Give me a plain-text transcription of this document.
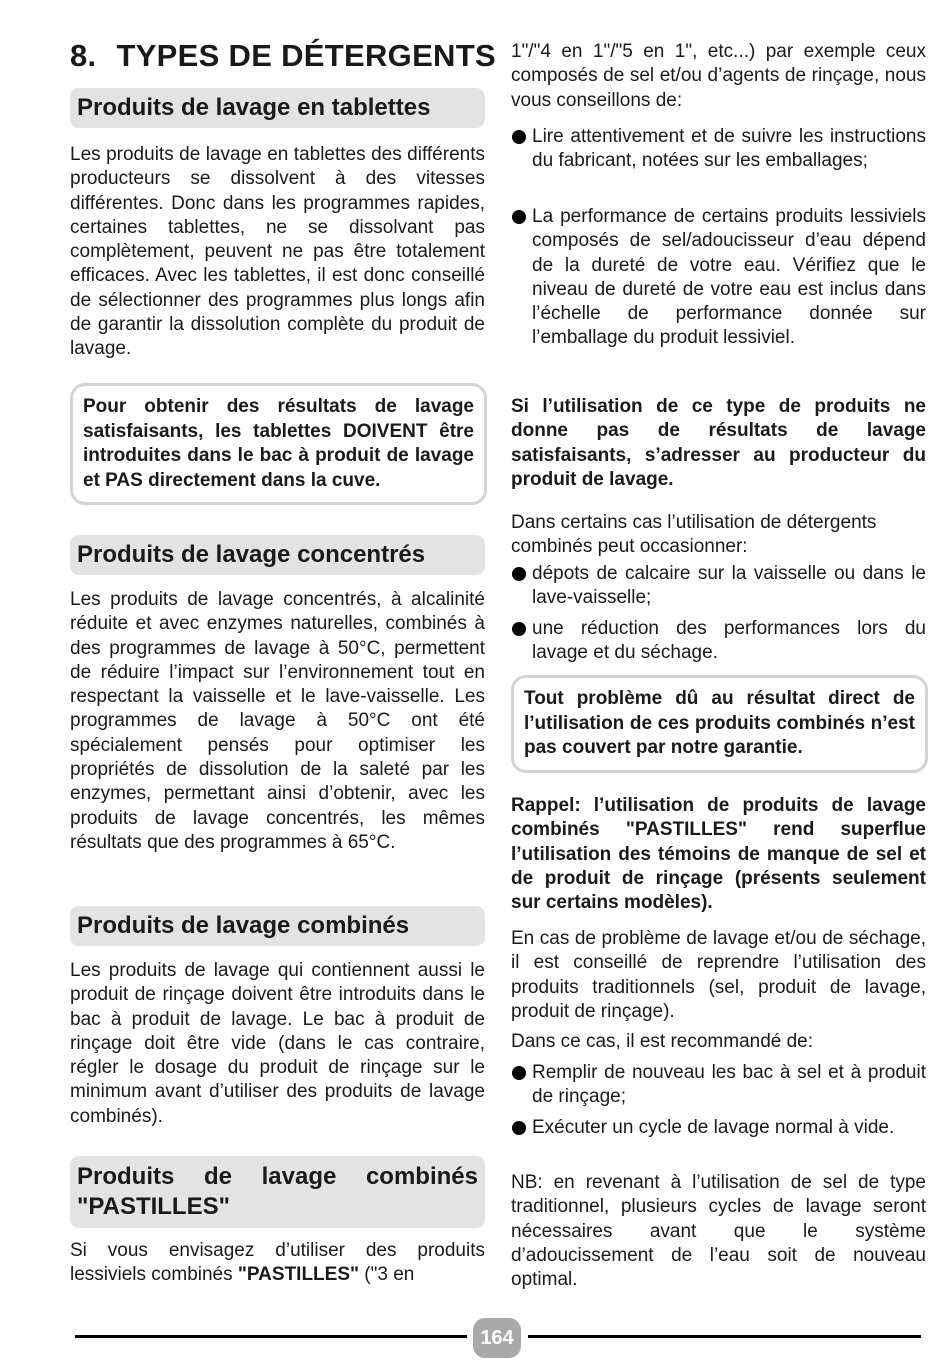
8. TYPES DE DÉTERGENTS
Produits de lavage en tablettes

Les produits de lavage en tablettes des différents producteurs se dissolvent à des vitesses différentes. Donc dans les programmes rapides, certaines tablettes, ne se dissolvant pas complètement, peuvent ne pas être totalement efficaces. Avec les tablettes, il est donc conseillé de sélectionner des programmes plus longs afin de garantir la dissolution complète du produit de lavage.

Pour obtenir des résultats de lavage satisfaisants, les tablettes DOIVENT être introduites dans le bac à produit de lavage et PAS directement dans la cuve.
Produits de lavage concentrés

Les produits de lavage concentrés, à alcalinité réduite et avec enzymes naturelles, combinés à des programmes de lavage à 50°C, permettent de réduire l’impact sur l’environnement tout en respectant la vaisselle et le lave-vaisselle. Les programmes de lavage à 50°C ont été spécialement pensés pour optimiser les propriétés de dissolution de la saleté par les enzymes, permettant ainsi d’obtenir, avec les produits de lavage concentrés, les mêmes résultats que des programmes à 65°C.

Produits de lavage combinés

Les produits de lavage qui contiennent aussi le produit de rinçage doivent être introduits dans le bac à produit de lavage. Le bac à produit de rinçage doit être vide (dans le cas contraire, régler le dosage du produit de rinçage sur le minimum avant d’utiliser des produits de lavage combinés).

Produits de lavage combinés "PASTILLES"

Si vous envisagez d’utiliser des produits lessiviels combinés "PASTILLES" ("3 en

1"/"4 en 1"/"5 en 1", etc...) par exemple ceux composés de sel et/ou d’agents de rinçage, nous vous conseillons de:

Lire attentivement et de suivre les instructions du fabricant, notées sur les emballages;
La performance de certains produits lessiviels composés de sel/adoucisseur d’eau dépend de la dureté de votre eau. Vérifiez que le niveau de dureté de votre eau est inclus dans l’échelle de performance donnée sur l’emballage du produit lessiviel.

Si l’utilisation de ce type de produits ne donne pas de résultats de lavage satisfaisants, s’adresser au producteur du produit de lavage.

Dans certains cas l’utilisation de détergents combinés peut occasionner:

dépots de calcaire sur la vaisselle ou dans le lave-vaisselle;
une réduction des performances lors du lavage et du séchage.
Tout problème dû au résultat direct de l’utilisation de ces produits combinés n’est pas couvert par notre garantie.

Rappel: l’utilisation de produits de lavage combinés "PASTILLES" rend superflue l’utilisation des témoins de manque de sel et de produit de rinçage (présents seulement sur certains modèles).

En cas de problème de lavage et/ou de séchage, il est conseillé de reprendre l’utilisation des produits traditionnels (sel, produit de lavage, produit de rinçage).

Dans ce cas, il est recommandé de:

Remplir de nouveau les bac à sel et à produit de rinçage;
Exécuter un cycle de lavage normal à vide.

NB: en revenant à l’utilisation de sel de type traditionnel, plusieurs cycles de lavage seront nécessaires avant que le système d’adoucissement de l’eau soit de nouveau optimal.

164
